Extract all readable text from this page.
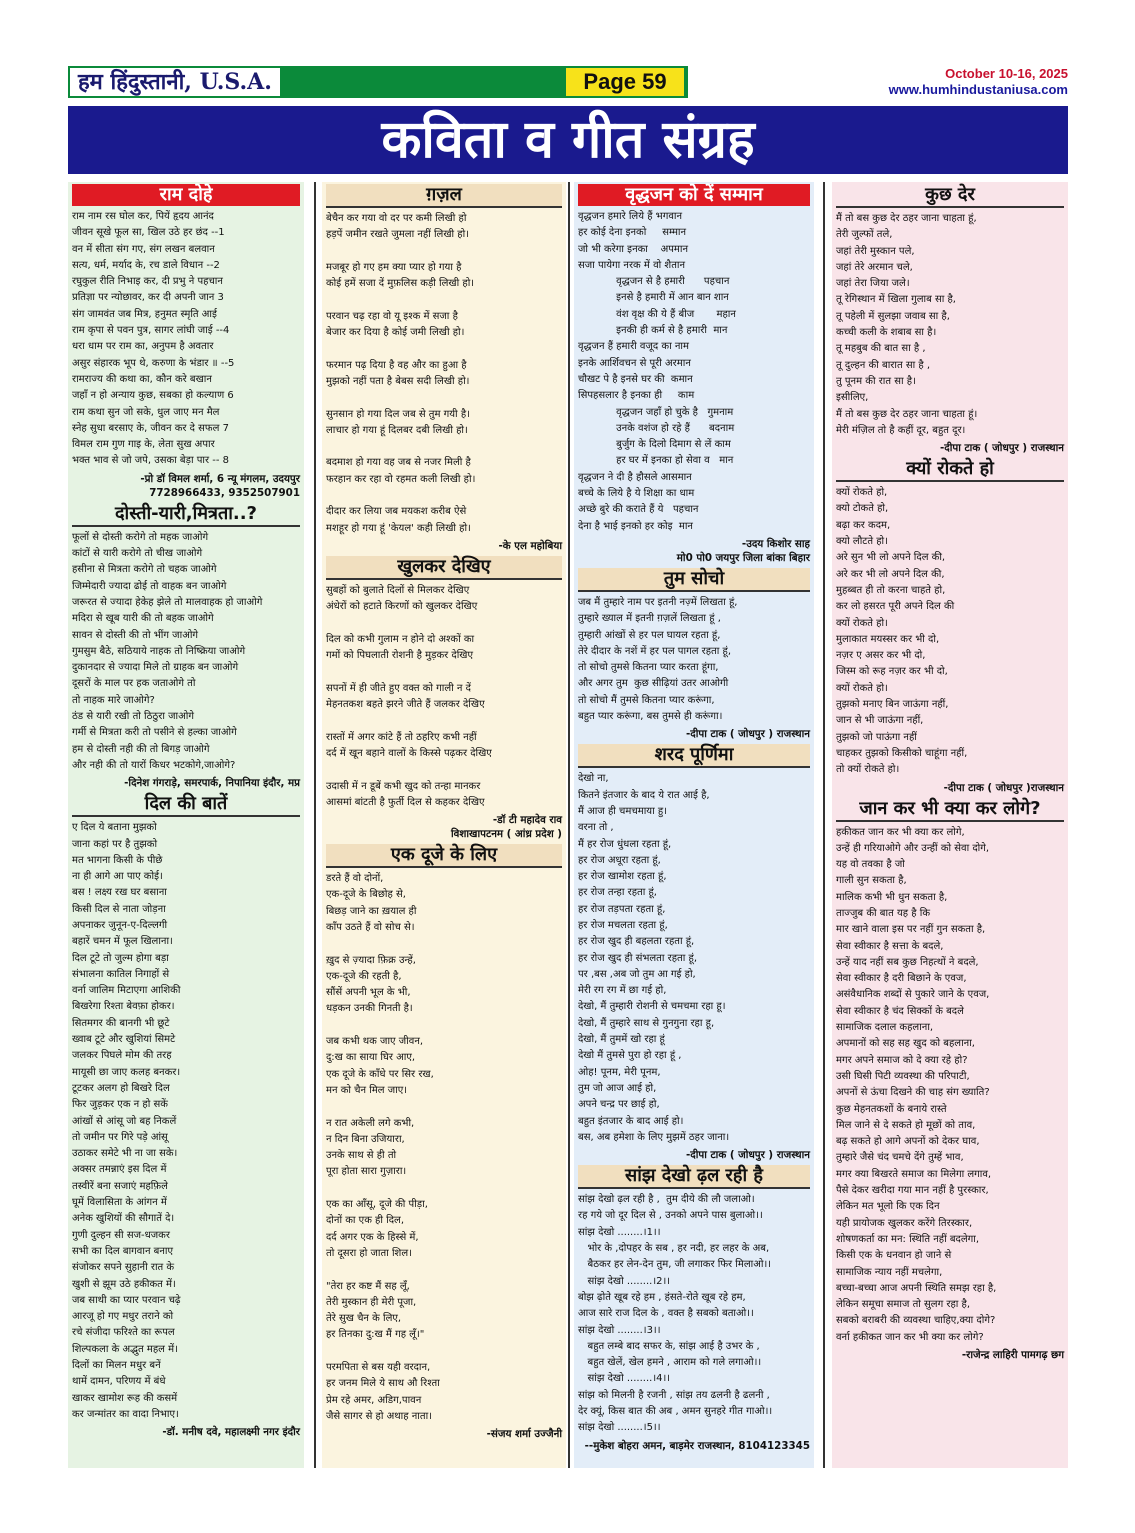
हम हिंदुस्तानी, U.S.A.	Page 59	October 10-16, 2025
www.humhindustaniusa.com
कविता व गीत संग्रह
राम दोहे
राम नाम रस घोल कर, पियें हृदय आनंद
जीवन सूखे फूल सा, खिल उठे हर छंद --1
वन में सीता संग गए, संग लखन बलवान
सत्य, धर्म, मर्याद के, रच डाले विधान --2
रघुकुल रीति निभाइ कर, दी प्रभु ने पहचान
प्रतिज्ञा पर न्योछावर, कर दी अपनी जान 3
संग जामवंत जब मित्र, हनुमत स्मृति आई
राम कृपा से पवन पुत्र, सागर लांघी जाई --4
धरा धाम पर राम का, अनुपम है अवतार
असुर संहारक भूप थे, करुणा के भंडार ॥ --5
रामराज्य की कथा का, कौन करे बखान
जहाँ न हो अन्याय कुछ, सबका हो कल्याण 6
राम कथा सुन जो सके, धुल जाए मन मैल
स्नेह सुधा बरसाए के, जीवन कर दे सफल 7
विमल राम गुण गाइ के, लेता सुख अपार
भक्त भाव से जो जपे, उसका बेड़ा पार -- 8
-प्रो डॉ विमल शर्मा, 6 न्यू मंगलम, उदयपुर
7728966433, 9352507901
दोस्ती-यारी,मित्रता..?
फूलों से दोस्ती करोगे तो महक जाओगे
कांटों से यारी करोगे तो चीख जाओगे
हसीना से मित्रता करोगे तो चहक जाओगे
जिम्मेदारी ज्यादा ढोई तो वाहक बन जाओगे
जरूरत से ज्यादा हेकेह झेले तो मालवाहक हो जाओगे
मदिरा से खूब यारी की तो बहक जाओगे
सावन से दोस्ती की तो भींग जाओगे
गुमसुम बैठे, सठियाये नाहक तो निष्क्रिया जाओगे
दुकानदार से ज्यादा मिले तो ग्राहक बन जाओगे
दूसरों के माल पर हक जताओगे तो
तो नाहक मारे जाओगे?
ठंड से यारी रखी तो ठिठुरा जाओगे
गर्मी से मित्रता करी तो पसीने से हल्का जाओगे
हम से दोस्ती नही की तो बिगड़ जाओगे
और नही की तो यारों किधर भटकोगे,जाओगे?
-दिनेश गंगराड़े, समरपार्क, निपानिया इंदौर, मप्र
दिल की बातें
ए दिल ये बताना मुझको
जाना कहां पर है तुझको
मत भागना किसी के पीछे
ना ही आगे आ पाए कोई।
बस ! लक्ष्य रख घर बसाना
किसी दिल से नाता जोड़ना
अपनाकर जुनून-ए-दिल्लगी
बहारें चमन में फूल खिलाना।
दिल टूटे तो जुल्म होगा बड़ा
संभालना कातिल निगाहों से
वर्ना जालिम मिटाएगा आशिकी
बिखरेगा रिश्ता बेवफ़ा होकर।
सितमगर की बानगी भी छूटे
ख्वाब टूटे और खुशियां सिमटे
जलकर पिघले मोम की तरह
मायूसी छा जाए कलह बनकर।
टूटकर अलग हो बिखरे दिल
फिर जुड़कर एक न हो सकें
आंखों से आंसू जो बह निकलें
तो जमीन पर गिरे पड़े आंसू
उठाकर समेटे भी ना जा सके।
अक्सर तमन्नाएं इस दिल में
तस्वीरें बना सजाएं महफ़िले
घूमें विलासिता के आंगन में
अनेक खुशियों की सौगातें दे।
गुणी दुल्हन सी सज-धजकर
सभी का दिल बागवान बनाए
संजोकर सपने सुहानी रात के
खुशी से झूम उठे हकीकत में।
जब साथी का प्यार परवान चढ़े
आरजू हो गए मधुर तराने को
रचे संजीदा फरिश्ते का रूपल
शिल्पकला के अद्भुत महल में।
दिलों का मिलन मधुर बनें
थामें दामन, परिणय में बंधे
खाकर खामोश रूह की कसमें
कर जन्मांतर का वादा निभाए।
-डॉ. मनीष दवे, महालक्ष्मी नगर इंदौर
ग़ज़ल
बेचैन कर गया वो दर पर कमी लिखी हो
हड़पें जमीन रखते जुमला नहीं लिखी हो।

मजबूर हो गए हम क्या प्यार हो गया है
कोई हमें सजा दें मुफ़लिस कड़ी लिखी हो।

परवान चढ़ रहा वो यू इश्क में सजा है
बेजार कर दिया है कोई जमी लिखी हो।

फरमान पढ़ दिया है वह और का हुआ है
मुझको नहीं पता है बेबस सदी लिखी हो।

सुनसान हो गया दिल जब से तुम गयी है।
लाचार हो गया हूं दिलबर दबी लिखी हो।

बदमाश हो गया वह जब से नजर मिली है
फरहान कर रहा वो रहमत कली लिखी हो।

दीदार कर लिया जब मयकश करीब ऐसे
मशहूर हो गया हूं 'केयल' कही लिखी हो।
-के एल महोबिया
खुलकर देखिए
सुबहों को बुलाते दिलों से मिलकर देखिए
अंधेरों को हटाते किरणों को खुलकर देखिए

दिल को कभी गुलाम न होने दो अश्कों का
गमों को पिघलाती रोशनी है मुड़कर देखिए

सपनों में ही जीते हुए वक्त को गाली न दें
मेहनतकश बहते झरने जीते हैं जलकर देखिए

रास्तों में अगर कांटे हैं तो ठहरिए कभी नहीं
दर्द में खून बहाने वालों के किस्से पढ़कर देखिए

उदासी में न डूबें कभी खुद को तन्हा मानकर
आसमां बांटती है फुर्ती दिल से कहकर देखिए
-डॉ टी महादेव राव
विशाखापटनम ( आंध्र प्रदेश )
एक दूजे के लिए
डरते हैं वो दोनों,
एक-दूजे के बिछोह से,
बिछड़ जाने का ख़याल ही
काँप उठते हैं वो सोच से।

ख़ुद से ज़्यादा फ़िक्र उन्हें,
एक-दूजे की रहती है,
सौंसें अपनी भूल के भी,
धड़कन उनकी गिनती है।

जब कभी थक जाए जीवन,
दु:ख का साया घिर आए,
एक दूजे के काँधे पर सिर रख,
मन को चैन मिल जाए।

न रात अकेली लगे कभी,
न दिन बिना उजियारा,
उनके साथ से ही तो
पूरा होता सारा गुज़ारा।

एक का आँसू, दूजे की पीड़ा,
दोनों का एक ही दिल,
दर्द अगर एक के हिस्से में,
तो दूसरा हो जाता शिल।

"तेरा हर कष्ट मैं सह लूँ,
तेरी मुस्कान ही मेरी पूजा,
तेरे सुख चैन के लिए,
हर तिनका दु:ख मैं गह लूँ।"

परमपिता से बस यही वरदान,
हर जनम मिले ये साथ औ रिश्ता
प्रेम रहे अमर, अडिग,पावन
जैसे सागर से हो अथाह नाता।
-संजय शर्मा उज्जैनी
वृद्धजन को दें सम्मान
वृद्धजन हमारे लिये हैं भगवान
हर कोई देना इनको     सम्मान
जो भी करेगा इनका    अपमान
सजा पायेगा नरक में वो शैतान
वृद्धजन से है हमारी      पहचान
इनसे है हमारी में आन बान शान
वंश वृक्ष की ये हैं बीज       महान
इनकी ही कर्म से है हमारी  मान
वृद्धजन हैं हमारी वजूद का नाम
इनके आर्शिवचन से पूरी अरमान
चौखट पे है इनसे घर की  कमान
सिपहसलार है इनका ही     काम
वृद्धजन जहाँ हो चुके है   गुमनाम
उनके वशंज हो रहे हैं      बदनाम
बुर्जुग के दिलो दिमाग से लें काम
हर घर में इनका हो सेवा व   मान
वृद्धजन ने दी है हौसले आसमान
बच्चे के लिये है ये शिक्षा का धाम
अच्छे बुरे की कराते हैं ये   पहचान
देना है भाई इनको हर कोइ  मान
-उदय किशोर साह
मो0 पो0 जयपुर जिला बांका बिहार
तुम सोचो
जब मैं तुम्हारे नाम पर इतनी नज़्में लिखता हूं,
तुम्हारे ख्याल में इतनी ग़ज़लें लिखता हूं ,
तुम्हारी आंखों से हर पल घायल रहता हूं,
तेरे दीदार के नशें में हर पल पागल रहता हूं,
तो सोचो तुमसे कितना प्यार करता हूंगा,
और अगर तुम  कुछ सीढ़ियां उतर आओगी
तो सोचो मैं तुमसे कितना प्यार करूंगा,
बहुत प्यार करूंगा, बस तुमसे ही करूंगा।
-दीपा टाक ( जोधपुर ) राजस्थान
शरद पूर्णिमा
देखो ना,
कितने इंतजार के बाद ये रात आई है,
मैं आज ही चमचमाया हु।
वरना तो ,
मैं हर रोज धुंधला रहता हूं,
हर रोज अधूरा रहता हूं,
हर रोज खामोश रहता हूं,
हर रोज तन्हा रहता हूं,
हर रोज तड़पता रहता हूं,
हर रोज मचलता रहता हूं,
हर रोज खुद ही बहलता रहता हूं,
हर रोज खुद ही संभलता रहता हूं,
पर ,बस ,अब जो तुम आ गई हो,
मेरी रग रग में छा गई हो,
देखो, मैं तुम्हारी रोशनी से चमचमा रहा हू।
देखो, मैं तुम्हारे साथ से गुनगुना रहा हू,
देखो, मैं तुममें खो रहा हूं
देखो मैं तुमसे पुरा हो रहा हूं ,
ओह! पूनम, मेरी पूनम,
तुम जो आज आई हो,
अपने चन्द्र पर छाई हो,
बहुत इंतजार के बाद आई हो।
बस, अब हमेशा के लिए मुझमें ठहर जाना।
-दीपा टाक ( जोधपुर ) राजस्थान
सांझ देखो ढ़ल रही है
सांझ देखो ढ़ल रही है ,  तुम दीये की लौ जलाओ।
रह गये जो दूर दिल से , उनको अपने पास बुलाओ।।
सांझ देखो ........।1।।
भोर के ,दोपहर के सब , हर नदी, हर लहर के अब,
बैठकर हर लेन-देन तुम, जी लगाकर फिर मिलाओ।।
सांझ देखो ........।2।।
बोझ ढ़ोते खूब रहे हम , हंसते-रोते खूब रहे हम,
आज सारे राज दिल के , वक्त है सबको बताओ।।
सांझ देखो ........।3।।
बहुत लम्बे बाद सफर के, सांझ आई है उभर के ,
बहुत खेलें, खेल हमने , आराम को गले लगाओ।।
सांझ देखो ........।4।।
सांझ को मिलनी है रजनी , सांझ तय ढलनी है ढलनी ,
देर क्यूं, किस बात की अब , अमन सुनहरे गीत गाओ।।
सांझ देखो ........।5।।
--मुकेश बोहरा अमन, बाड़मेर राजस्थान, 8104123345
कुछ देर
मैं तो बस कुछ देर ठहर जाना चाहता हूं,
तेरी जुल्फों तले,
जहां तेरी मुस्कान पले,
जहां तेरे अरमान चले,
जहां तेरा जिया जले।
तू रेगिस्थान में खिला गुलाब सा है,
तू पहेली में सुलझा जवाब सा है,
कच्ची कली के शबाब सा है।
तू महबुब की बात सा है ,
तू दुल्हन की बारात सा है ,
तु पूनम की रात सा है।
इसीलिए,
मैं तो बस कुछ देर ठहर जाना चाहता हूं।
मेरी मंज़िल तो है कहीं दूर, बहुत दूर।
-दीपा टाक ( जोधपुर ) राजस्थान
क्यों रोकते हो
क्यों रोकते हो,
क्यो टोकते हो,
बढ़ा कर कदम,
क्यो लौटते हो।
अरे सुन भी लो अपने दिल की,
अरे कर भी लो अपने दिल की,
मुहब्बत ही तो करना चाहते हो,
कर लो हसरत पूरी अपने दिल की
क्यों रोकते हो।
मुलाकात मयस्सर कर भी दो,
नज़र ए असर कर भी दो,
जिस्म को रूह नज़र कर भी दो,
क्यों रोकते हो।
तुझको मनाए बिन जाऊंगा नहीं,
जान से भी जाऊंगा नहीं,
तुझको जो पाऊंगा नहीं
चाहकर तुझको किसीको चाहूंगा नहीं,
तो क्यों रोकते हो।
-दीपा टाक ( जोधपुर )राजस्थान
जान कर भी क्या कर लोगे?
हकीकत जान कर भी क्या कर लोगे,
उन्हें ही गरियाओगे और उन्हीं को सेवा दोगे,
यह वो तवका है जो
गाली सुन सकता है,
मालिक कभी भी धुन सकता है,
ताज्जुब की बात यह है कि
मार खाने वाला इस पर नहीं गुन सकता है,
सेवा स्वीकार है सत्ता के बदले,
उन्हें याद नहीं सब कुछ निहत्थों ने बदले,
सेवा स्वीकार है दरी बिछाने के एवज,
असंवैधानिक शब्दों से पुकारे जाने के एवज,
सेवा स्वीकार है चंद सिक्कों के बदले
सामाजिक दलाल कहलाना,
अपमानों को सह सह खुद को बहलाना,
मगर अपने समाज को दे क्या रहे हो?
उसी घिसी पिटी व्यवस्था की परिपाटी,
अपनों से ऊंचा दिखने की चाह संग ख्याति?
कुछ मेहनतकशों के बनाये रास्ते
मिल जाने से दे सकते हो मूछों को ताव,
बढ़ सकते हो आगे अपनों को देकर घाव,
तुम्हारे जैसे चंद चमचे देंगे तुम्हें भाव,
मगर क्या बिखरते समाज का मिलेगा लगाव,
पैसे देकर खरीदा गया मान नहीं है पुरस्कार,
लेकिन मत भूलो कि एक दिन
यही प्रायोजक खुलकर करेंगे तिरस्कार,
शोषणकर्ता का मन: स्थिति नहीं बदलेगा,
किसी एक के धनवान हो जाने से
सामाजिक न्याय नहीं मचलेगा,
बच्चा-बच्चा आज अपनी स्थिति समझ रहा है,
लेकिन समूचा समाज तो सुलग रहा है,
सबको बराबरी की व्यवस्था चाहिए,क्या दोगे?
वर्ना हकीकत जान कर भी क्या कर लोगे?
-राजेन्द्र लाहिरी पामगढ़ छग
